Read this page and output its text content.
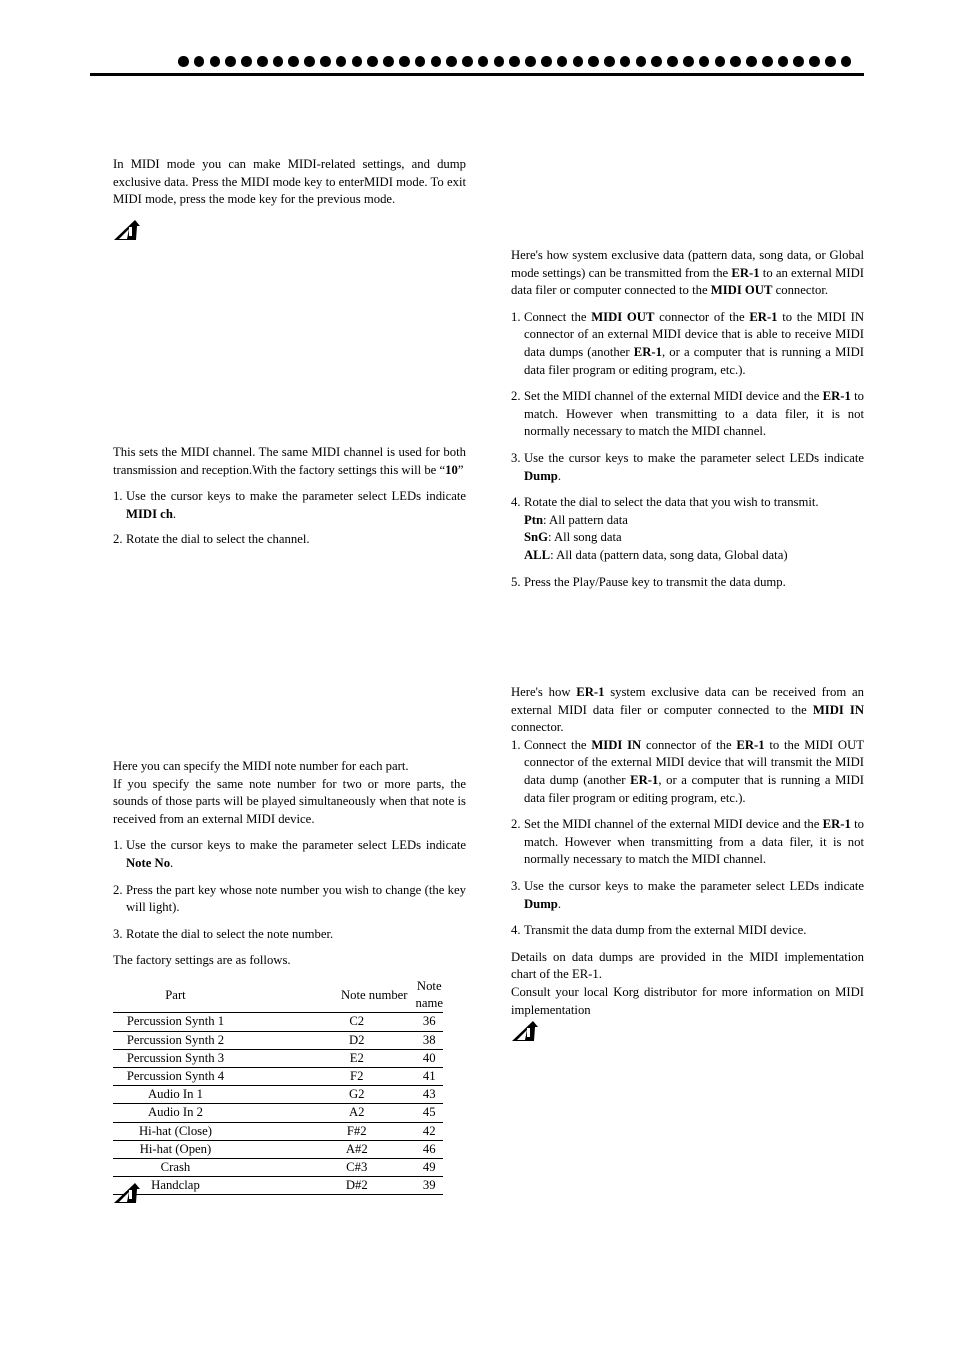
In MIDI mode you can make MIDI-related settings, and dump exclusive data. Press the MIDI mode key to enterMIDI mode. To exit MIDI mode, press the mode key for the previous mode.

This sets the MIDI channel. The same MIDI channel is used for both transmission and reception.With the factory settings this will be “10”

1. Use the cursor keys to make the parameter select LEDs indicate MIDI ch.
2. Rotate the dial to select the channel.

Here you can specify the MIDI note number for each part.

If you specify the same note number for two or more parts, the sounds of those parts will be played simultaneously when that note is received from an external MIDI device.

1. Use the cursor keys to make the parameter select LEDs indicate Note No.
2. Press the part key whose note number you wish to change (the key will light).
3. Rotate the dial to select the note number.

The factory settings are as follows.

Part	Note number	Note name
Percussion Synth 1	C2	36
Percussion Synth 2	D2	38
Percussion Synth 3	E2	40
Percussion Synth 4	F2	41
Audio In 1	G2	43
Audio In 2	A2	45
Hi-hat (Close)	F#2	42
Hi-hat (Open)	A#2	46
Crash	C#3	49
Handclap	D#2	39

Here's how system exclusive data (pattern data, song data, or Global mode settings) can be transmitted from the ER-1 to an external MIDI data filer or computer connected to the MIDI OUT connector.

1. Connect the MIDI OUT connector of the ER-1 to the MIDI IN connector of an external MIDI device that is able to receive MIDI data dumps (another ER-1, or a computer that is running a MIDI data filer program or editing program, etc.).
2. Set the MIDI channel of the external MIDI device and the ER-1 to match. However when transmitting to a data filer, it is not normally necessary to match the MIDI channel.
3. Use the cursor keys to make the parameter select LEDs indicate Dump.
4. Rotate the dial to select the data that you wish to transmit.
Ptn: All pattern data
SnG: All song data
ALL: All data (pattern data, song data, Global data)
5. Press the Play/Pause key to transmit the data dump.

Here's how ER-1 system exclusive data can be received from an external MIDI data filer or computer connected to the MIDI IN connector.

1. Connect the MIDI IN connector of the ER-1 to the MIDI OUT connector of the external MIDI device that will transmit the MIDI data dump (another ER-1, or a computer that is running a MIDI data filer program or editing program, etc.).
2. Set the MIDI channel of the external MIDI device and the ER-1 to match. However when transmitting from a data filer, it is not normally necessary to match the MIDI channel.
3. Use the cursor keys to make the parameter select LEDs indicate Dump.
4. Transmit the data dump from the external MIDI device.

Details on data dumps are provided in the MIDI implementation chart of the ER-1.

Consult your local Korg distributor for more information on MIDI implementation
